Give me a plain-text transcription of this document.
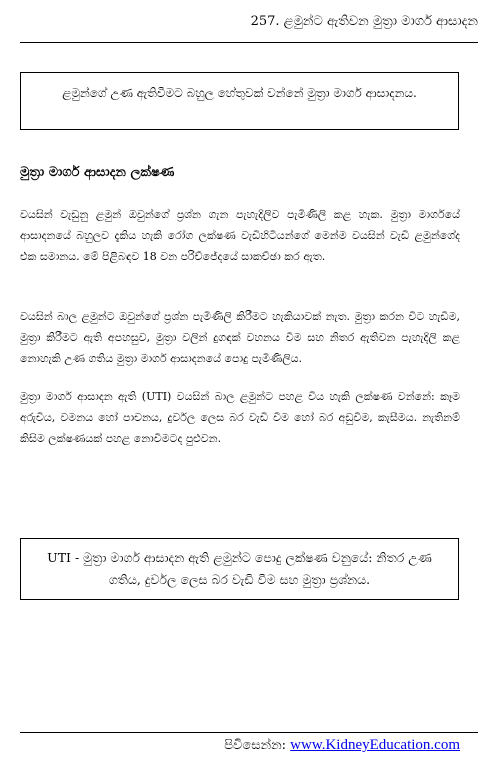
257. ළමුන්ට ඇතිවන මුත්‍රා මාර්ග ආසාදන
ළමුන්ගේ උණ ඇතිවීමට බහුල හේතුවක් වන්නේ මුත්‍රා මාර්ග ආසාදනය.
මුත්‍රා මාර්ග ආසාදන ලක්ෂණ

වයසින් වැඩුනු ළමුන් ඔවුන්ගේ ප්‍රශ්න ගැන පැහැදිලිව පැමිණිලි කළ හැක. මුත්‍රා මාර්ගයේ ආසාදනයේ බහුලව දැකිය හැකි රෝග ලක්ෂණ වැඩිහිටියන්ගේ මෙන්ම වයසින් වැඩි ළමුන්ගේද එක සමානය. මේ පිළිබඳව 18 වන පරිච්ජේදයේ සාකච්ඡා කර ඇත.

වයසින් බාල ළමුන්ට ඔවුන්ගේ ප්‍රශ්න පැමිණිලි කිරීමට හැකියාවක් නැත. මුත්‍රා කරන විට හැඩීම, මුත්‍රා කිරීමට ඇති අපහසුව, මුත්‍රා වලින් දුගඳක් වහනය වීම සහ නිතර ඇතිවන පැහැදිලි කළ නොහැකි උණ ගතිය මුත්‍රා මාර්ග ආසාදනයේ පොදු පැමිණිලිය.

මුත්‍රා මාර්ග ආසාදන ඇති (UTI) වයසින් බාල ළමුන්ට පහළ විය හැකි ලක්ෂණ වන්නේ: කෑම අරුචිය, වමනය හෝ පාචනය, දුර්වල ලෙස බර වැඩි වීම හෝ බර අඩුවීම, කැසීමය. නැතිනම් කිසිම ලක්ෂණයක් පහළ නොවීමටද පුළුවන.

UTI - මුත්‍රා මාර්ග ආසාදන ඇති ළමුන්ට පොදු ලක්ෂණ වනුයේ: නිතර උණ ගතිය, දුර්වල ලෙස බර වැඩි වීම සහ මුත්‍රා ප්‍රශ්නය.
පිවිසෙන්න: www.KidneyEducation.com
